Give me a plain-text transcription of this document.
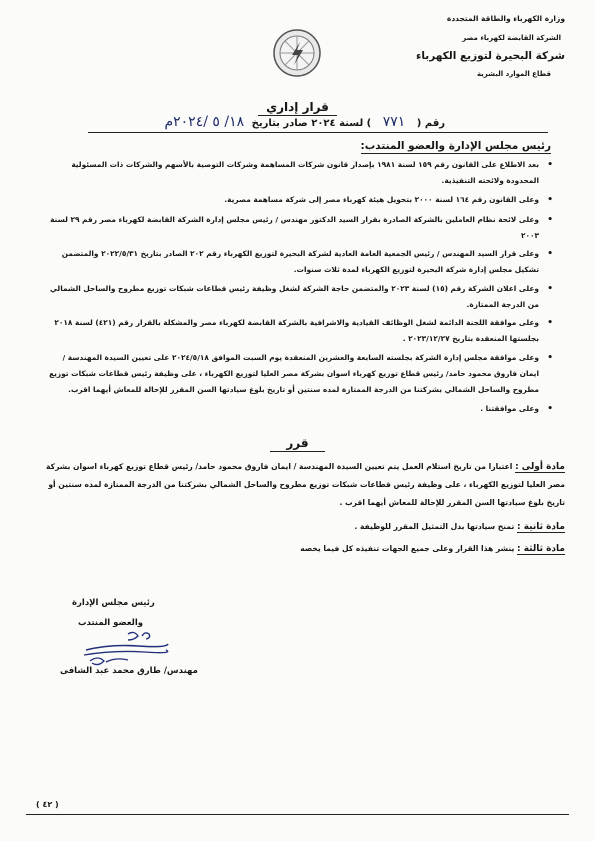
وزارة الكهرباء والطاقة المتجددة
الشركة القابضة لكهرباء مصر
شركة البحيرة لتوزيع الكهرباء
قطاع الموارد البشرية
قرار إداري
رقم ( ٧٧١ ) لسنة ٢٠٢٤ صادر بتاريخ ١٨/ ٥ /٢٠٢٤م
رئيس مجلس الإدارة والعضو المنتدب:
•
بعد الاطلاع على القانون رقم ١٥٩ لسنة ١٩٨١ بإصدار قانون شركات المساهمة وشركات التوصية بالأسهم والشركات ذات المسئولية المحدودة ولائحته التنفيذية.
•
وعلى القانون رقم ١٦٤ لسنة ٢٠٠٠ بتحويل هيئة كهرباء مصر إلى شركة مساهمة مصرية.
•
وعلى لائحة نظام العاملين بالشركة الصادرة بقرار السيد الدكتور مهندس / رئيس مجلس إدارة الشركة القابضة لكهرباء مصر رقم ٢٩ لسنة ٢٠٠٣
•
وعلى قرار السيد المهندس / رئيس الجمعية العامة العادية لشركة البحيرة لتوزيع الكهرباء رقم ٢٠٢ الصادر بتاريخ ٢٠٢٢/٥/٣١ والمتضمن تشكيل مجلس إدارة شركة البحيرة لتوزيع الكهرباء لمدة ثلاث سنوات.
•
وعلى اعلان الشركة رقم (١٥) لسنة ٢٠٢٣ والمتضمن حاجة الشركة لشغل وظيفة رئيس قطاعات شبكات توزيع مطروح والساحل الشمالي من الدرجة الممتازة.
•
وعلى موافقة اللجنة الدائمة لشغل الوظائف القيادية والاشرافية بالشركة القابضة لكهرباء مصر والمشكلة بالقرار رقم (٤٢١) لسنة ٢٠١٨ بجلستها المنعقدة بتاريخ ٢٠٢٣/١٢/٢٧ .
•
وعلى موافقة مجلس إدارة الشركة بجلسته السابعة والعشرين المنعقدة يوم السبت الموافق ٢٠٢٤/٥/١٨ على تعيين السيدة المهندسة / ايمان فاروق محمود حامد/ رئيس قطاع توزيع كهرباء اسوان بشركة مصر العليا لتوزيع الكهرباء ، على وظيفة رئيس قطاعات شبكات توزيع مطروح والساحل الشمالي بشركتنا من الدرجة الممتازة لمده سنتين أو تاريخ بلوغ سيادتها السن المقرر للإحالة للمعاش أيهما اقرب.
•
وعلى موافقتنا .
قرر
مادة أولى : اعتبارا من تاريخ استلام العمل يتم تعيين السيدة المهندسة / ايمان فاروق محمود حامد/ رئيس قطاع توزيع كهرباء اسوان بشركة مصر العليا لتوزيع الكهرباء ، على وظيفة رئيس قطاعات شبكات توزيع مطروح والساحل الشمالي بشركتنا من الدرجة الممتازة لمده سنتين أو تاريخ بلوغ سيادتها السن المقرر للإحالة للمعاش أيهما اقرب .
مادة ثانية : تمنح سيادتها بدل التمثيل المقرر للوظيفة .
مادة ثالثة : ينشر هذا القرار وعلى جميع الجهات تنفيذه كل فيما يخصه
رئيس مجلس الإدارة
والعضو المنتدب
مهندس/ طارق محمد عبد الشافى
( ٤٢ )
